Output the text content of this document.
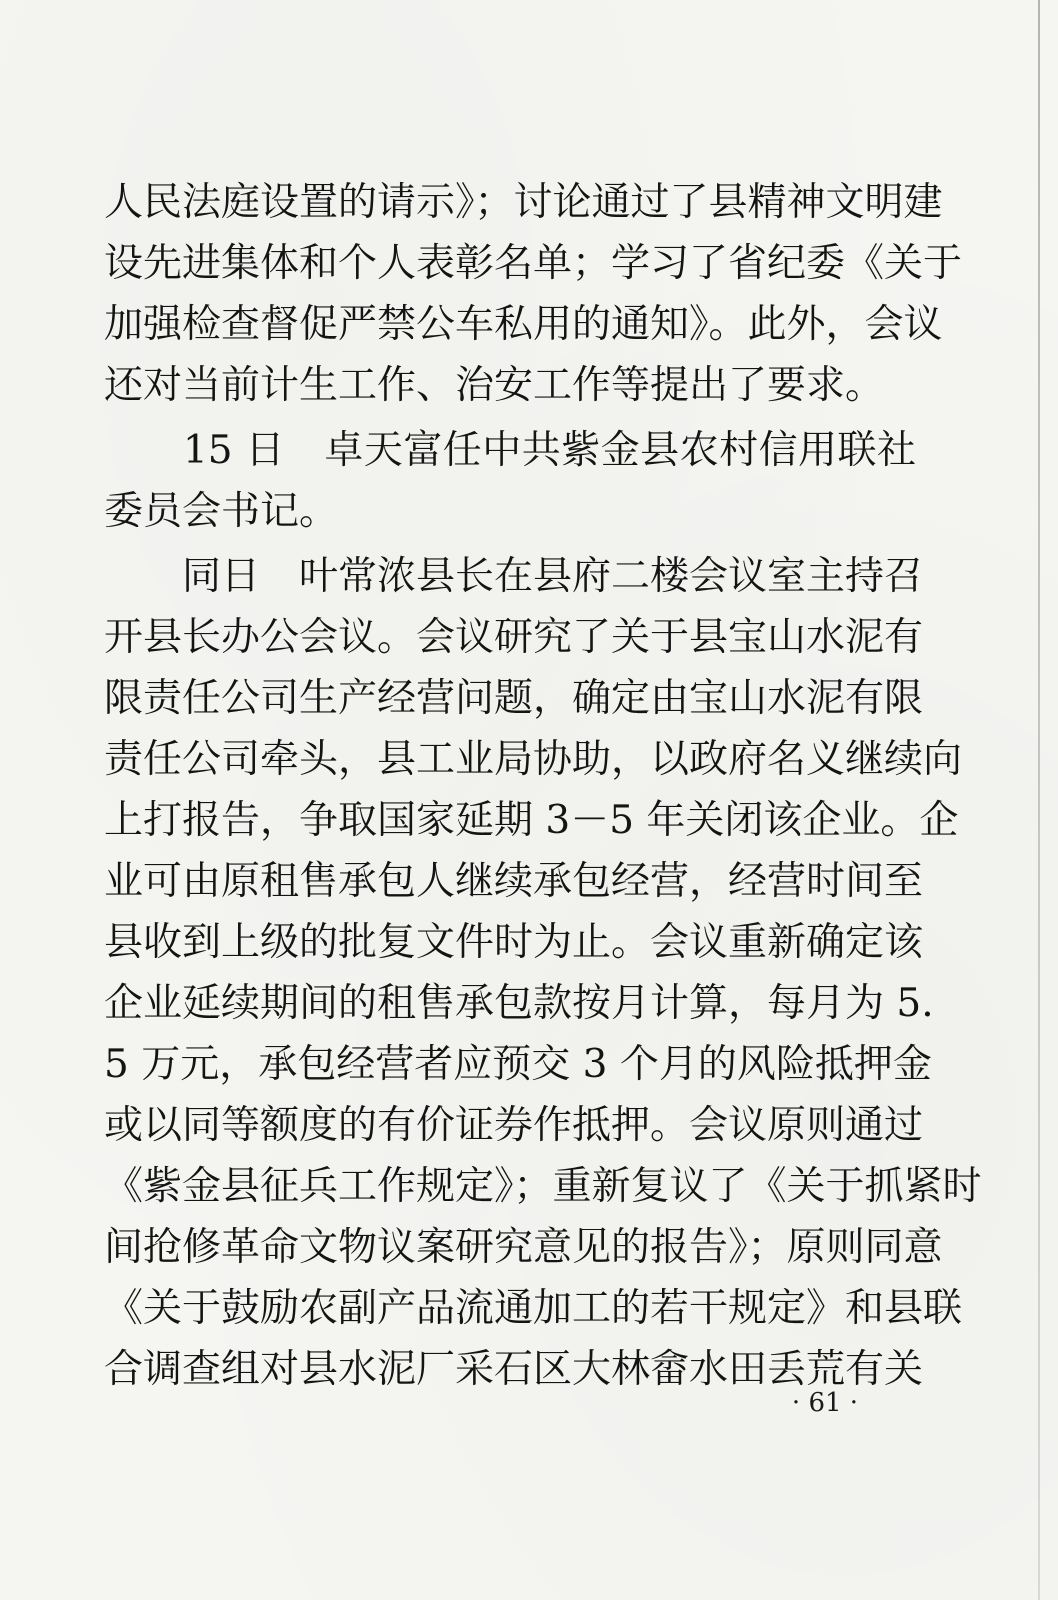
人民法庭设置的请示》；讨论通过了县精神文明建
设先进集体和个人表彰名单；学习了省纪委《关于
加强检查督促严禁公车私用的通知》。此外，会议
还对当前计生工作、治安工作等提出了要求。
　　15 日　卓天富任中共紫金县农村信用联社
委员会书记。
　　同日　叶常浓县长在县府二楼会议室主持召
开县长办公会议。会议研究了关于县宝山水泥有
限责任公司生产经营问题，确定由宝山水泥有限
责任公司牵头，县工业局协助，以政府名义继续向
上打报告，争取国家延期 3－5 年关闭该企业。企
业可由原租售承包人继续承包经营，经营时间至
县收到上级的批复文件时为止。会议重新确定该
企业延续期间的租售承包款按月计算，每月为 5.
5 万元，承包经营者应预交 3 个月的风险抵押金
或以同等额度的有价证券作抵押。会议原则通过
《紫金县征兵工作规定》；重新复议了《关于抓紧时
间抢修革命文物议案研究意见的报告》；原则同意
《关于鼓励农副产品流通加工的若干规定》和县联
合调查组对县水泥厂采石区大林畲水田丢荒有关
· 61 ·
